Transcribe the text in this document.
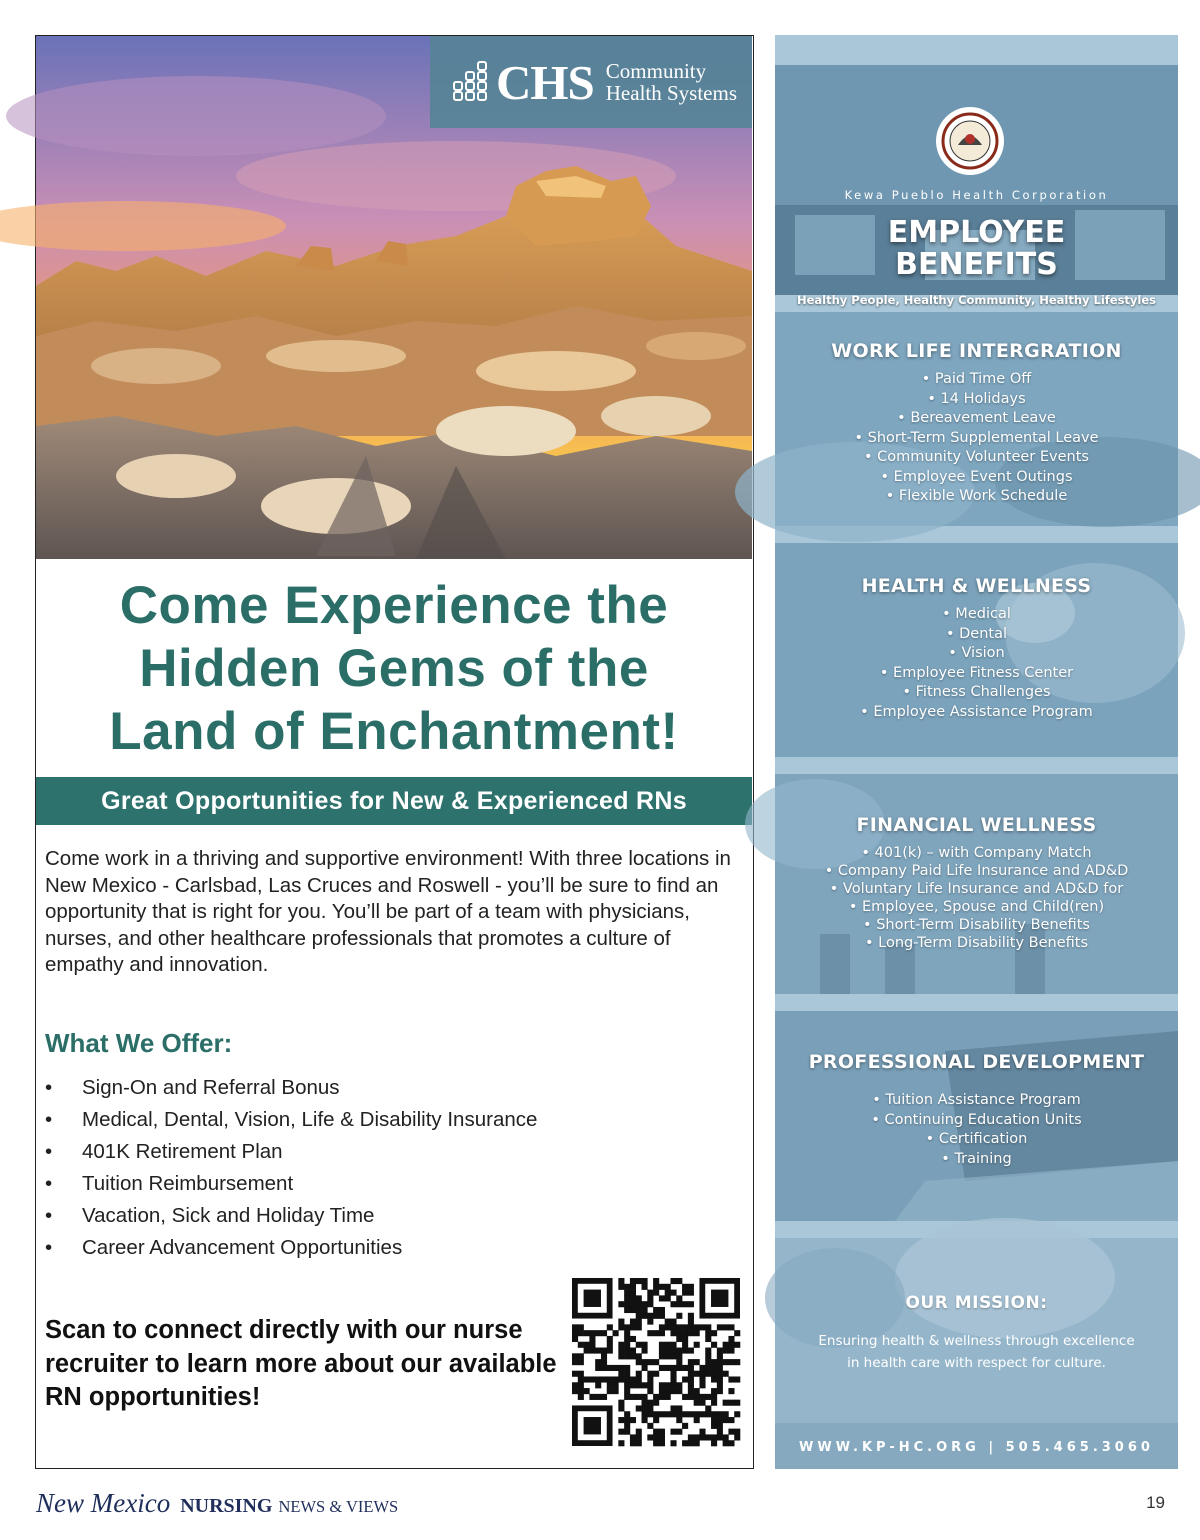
CHS Community
Health Systems
Come Experience the
Hidden Gems of the
Land of Enchantment!
Great Opportunities for New & Experienced RNs

Come work in a thriving and supportive environment! With three locations in New Mexico - Carlsbad, Las Cruces and Roswell - you’ll be sure to find an opportunity that is right for you. You’ll be part of a team with physicians, nurses, and other healthcare professionals that promotes a culture of empathy and innovation.

What We Offer:
• Sign-On and Referral Bonus
• Medical, Dental, Vision, Life & Disability Insurance
• 401K Retirement Plan
• Tuition Reimbursement
• Vacation, Sick and Holiday Time
• Career Advancement Opportunities

Scan to connect directly with our nurse recruiter to learn more about our available RN opportunities!

Kewa Pueblo Health Corporation
EMPLOYEE
BENEFITS
Healthy People, Healthy Community, Healthy Lifestyles
WORK LIFE INTERGRATION
• Paid Time Off
• 14 Holidays
• Bereavement Leave
• Short-Term Supplemental Leave
• Community Volunteer Events
• Employee Event Outings
• Flexible Work Schedule
HEALTH & WELLNESS
• Medical
• Dental
• Vision
• Employee Fitness Center
• Fitness Challenges
• Employee Assistance Program
FINANCIAL WELLNESS
• 401(k) – with Company Match
• Company Paid Life Insurance and AD&D
• Voluntary Life Insurance and AD&D for
• Employee, Spouse and Child(ren)
• Short-Term Disability Benefits
• Long-Term Disability Benefits
PROFESSIONAL DEVELOPMENT
• Tuition Assistance Program
• Continuing Education Units
• Certification
• Training
OUR MISSION:
Ensuring health & wellness through excellence
in health care with respect for culture.
WWW.KP-HC.ORG | 505.465.3060
New Mexico NURSING NEWS & VIEWS	19
